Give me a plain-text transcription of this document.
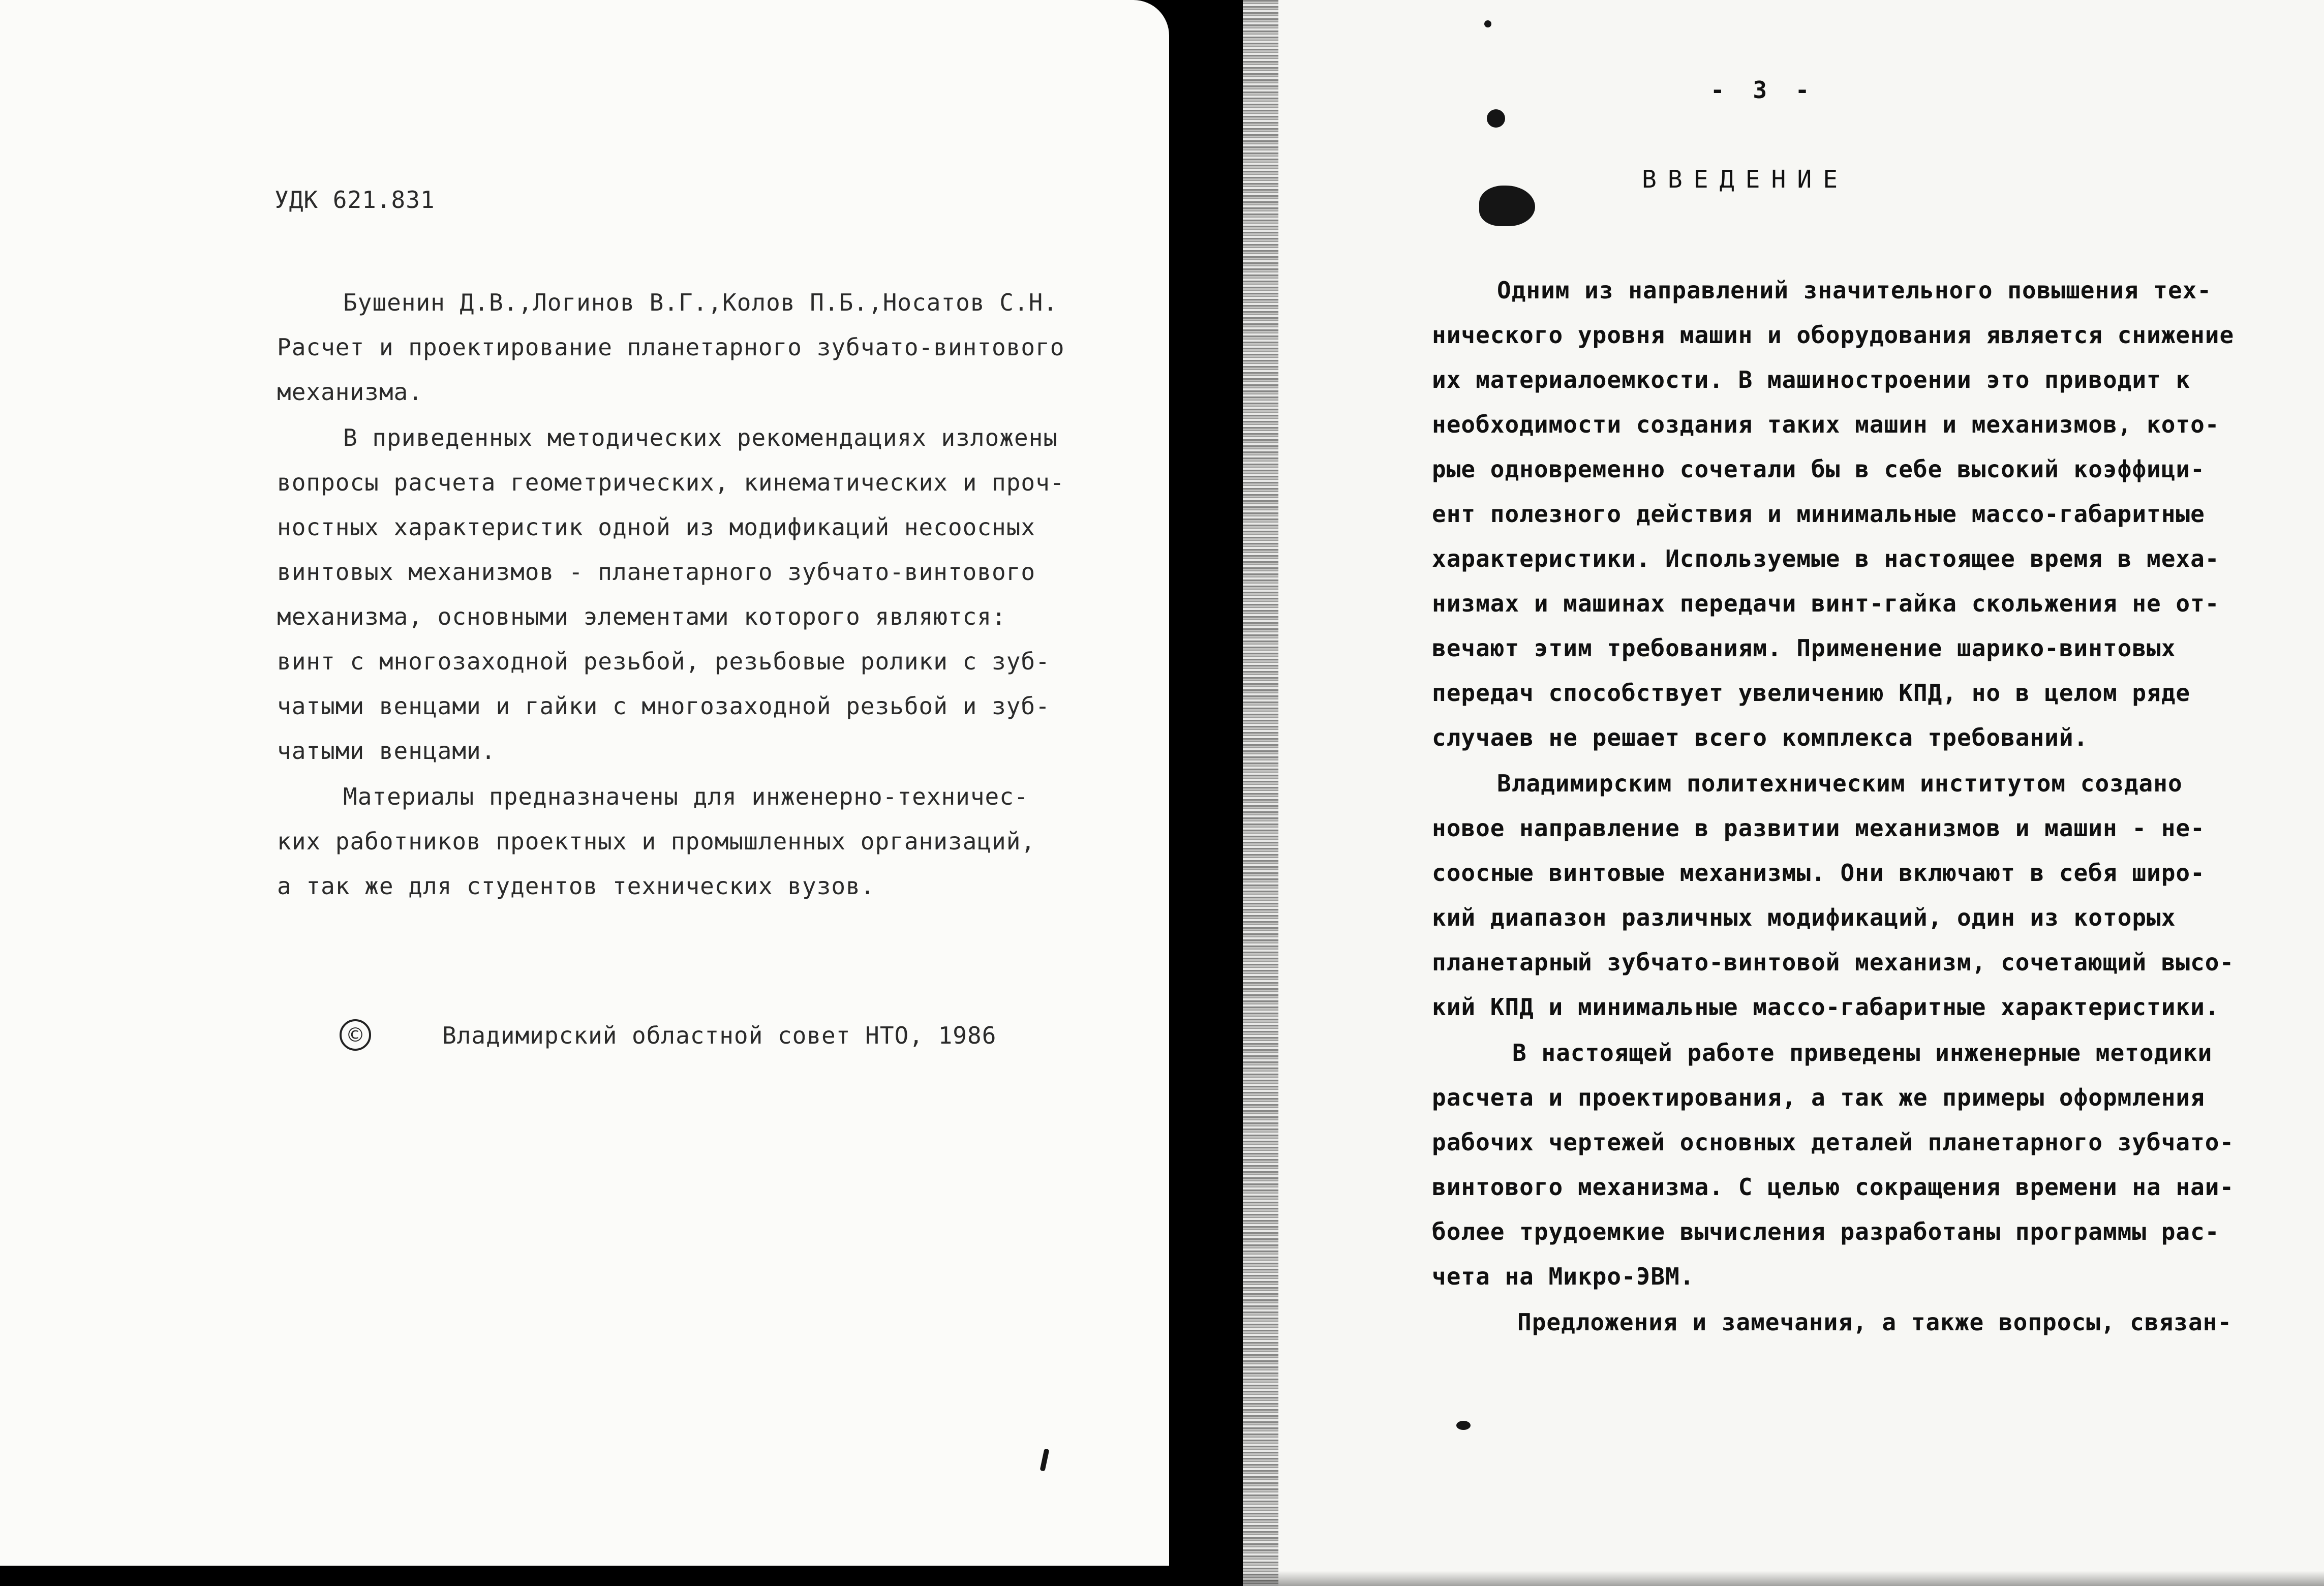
УДК 621.831
Бушенин Д.В.,Логинов В.Г.,Колов П.Б.,Носатов С.Н.
Расчет и проектирование планетарного зубчато-винтового
механизма.
В приведенных методических рекомендациях изложены
вопросы расчета геометрических, кинематических и проч-
ностных характеристик одной из модификаций несоосных
винтовых механизмов - планетарного зубчато-винтового
механизма, основными элементами которого являются:
винт с многозаходной резьбой, резьбовые ролики с зуб-
чатыми венцами и гайки с многозаходной резьбой и зуб-
чатыми венцами.
Материалы предназначены для инженерно-техничес-
ких работников проектных и промышленных организаций,
а так же для студентов технических вузов.
©	Владимирский областной совет НТО, 1986
- 3 -
ВВЕДЕНИЕ
Одним из направлений значительного повышения тех-
нического уровня машин и оборудования является снижение
их материалоемкости. В машиностроении это приводит к
необходимости создания таких машин и механизмов, кото-
рые одновременно сочетали бы в себе высокий коэффици-
ент полезного действия и минимальные массо-габаритные
характеристики. Используемые в настоящее время в меха-
низмах и машинах передачи винт-гайка скольжения не от-
вечают этим требованиям. Применение шарико-винтовых
передач способствует увеличению КПД, но в целом ряде
случаев не решает всего комплекса требований.
Владимирским политехническим институтом создано
новое направление в развитии механизмов и машин - не-
соосные винтовые механизмы. Они включают в себя широ-
кий диапазон различных модификаций, один из которых
планетарный зубчато-винтовой механизм, сочетающий высо-
кий КПД и минимальные массо-габаритные характеристики.
В настоящей работе приведены инженерные методики
расчета и проектирования, а так же примеры оформления
рабочих чертежей основных деталей планетарного зубчато-
винтового механизма. С целью сокращения времени на наи-
более трудоемкие вычисления разработаны программы рас-
чета на Микро-ЭВМ.
Предложения и замечания, а также вопросы, связан-
